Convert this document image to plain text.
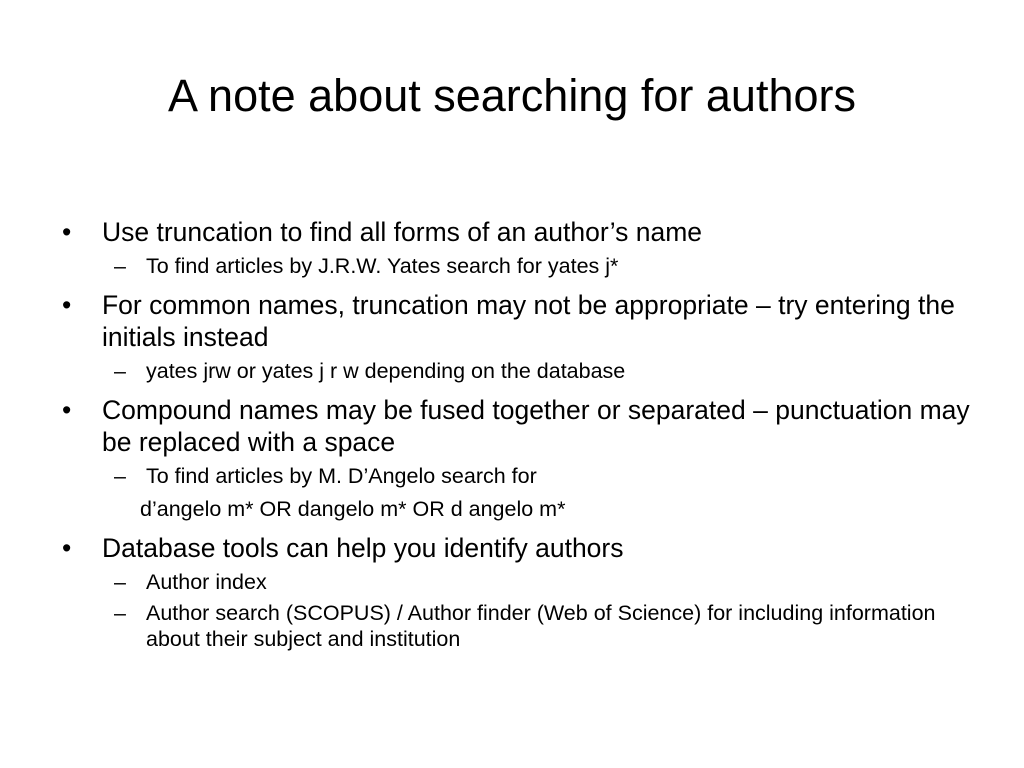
A note about searching for authors
•	Use truncation to find all forms of an author’s name
– To find articles by J.R.W. Yates search for yates j*
•	For common names, truncation may not be appropriate – try entering the initials instead
– yates jrw or yates j r w depending on the database
•	Compound names may be fused together or separated – punctuation may be replaced with a space
– To find articles by M. D’Angelo search for
d’angelo m* OR dangelo m* OR d angelo m*
•	Database tools can help you identify authors
– Author index
– Author search (SCOPUS) / Author finder (Web of Science) for including information about their subject and institution
